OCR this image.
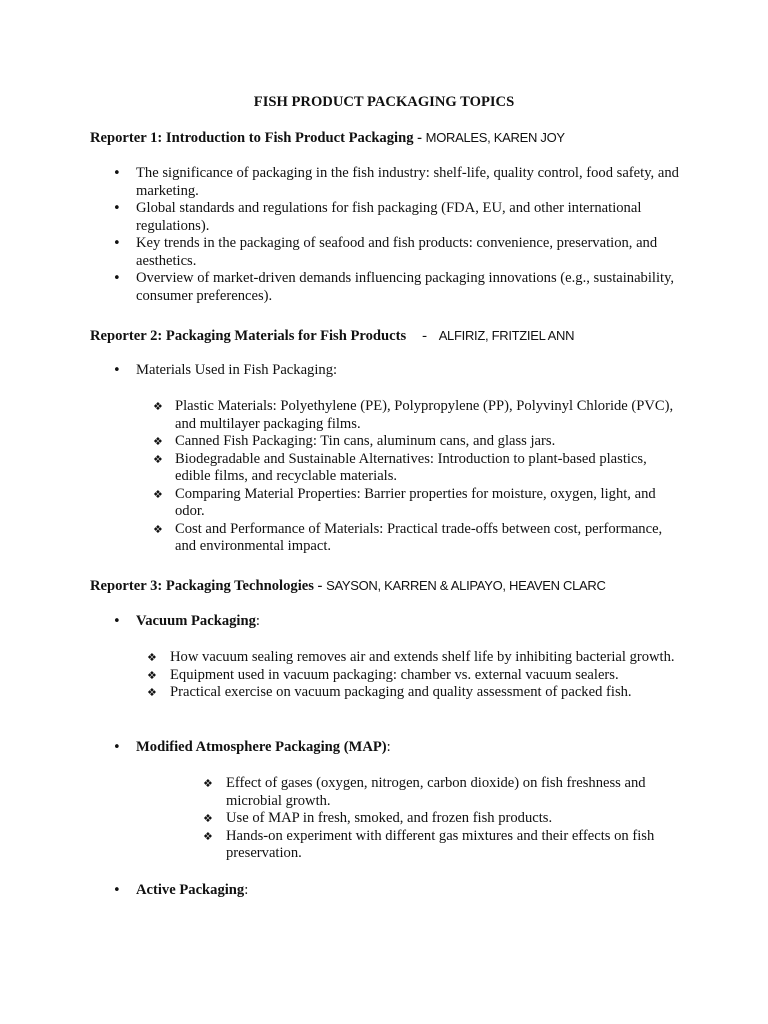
FISH PRODUCT PACKAGING TOPICS
Reporter 1: Introduction to Fish Product Packaging - MORALES, KAREN JOY
• The significance of packaging in the fish industry: shelf-life, quality control, food safety, and marketing.
• Global standards and regulations for fish packaging (FDA, EU, and other international regulations).
• Key trends in the packaging of seafood and fish products: convenience, preservation, and aesthetics.
• Overview of market-driven demands influencing packaging innovations (e.g., sustainability, consumer preferences).
Reporter 2: Packaging Materials for Fish Products - ALFIRIZ, FRITZIEL ANN
• Materials Used in Fish Packaging:
❖ Plastic Materials: Polyethylene (PE), Polypropylene (PP), Polyvinyl Chloride (PVC), and multilayer packaging films.
❖ Canned Fish Packaging: Tin cans, aluminum cans, and glass jars.
❖ Biodegradable and Sustainable Alternatives: Introduction to plant-based plastics, edible films, and recyclable materials.
❖ Comparing Material Properties: Barrier properties for moisture, oxygen, light, and odor.
❖ Cost and Performance of Materials: Practical trade-offs between cost, performance, and environmental impact.
Reporter 3: Packaging Technologies - SAYSON, KARREN & ALIPAYO, HEAVEN CLARC
• Vacuum Packaging:
❖ How vacuum sealing removes air and extends shelf life by inhibiting bacterial growth.
❖ Equipment used in vacuum packaging: chamber vs. external vacuum sealers.
❖ Practical exercise on vacuum packaging and quality assessment of packed fish.
• Modified Atmosphere Packaging (MAP):
❖ Effect of gases (oxygen, nitrogen, carbon dioxide) on fish freshness and microbial growth.
❖ Use of MAP in fresh, smoked, and frozen fish products.
❖ Hands-on experiment with different gas mixtures and their effects on fish preservation.
• Active Packaging:
